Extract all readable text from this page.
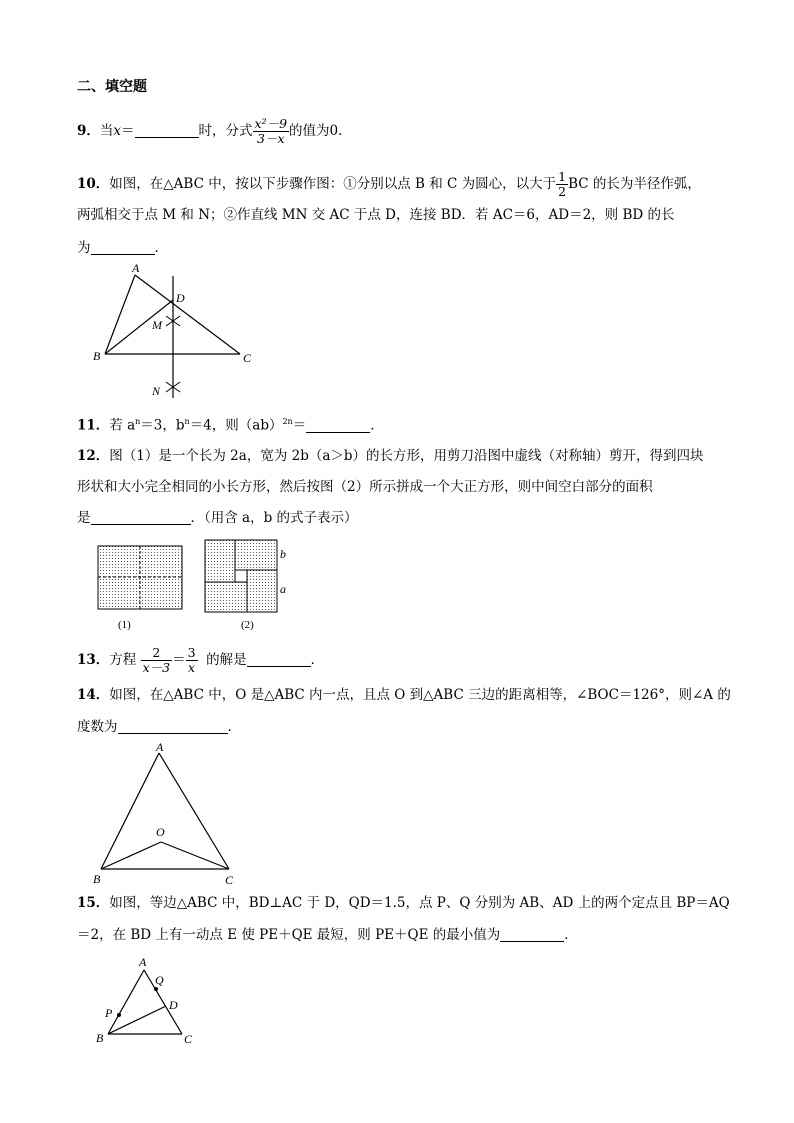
二、填空题
9．当x＝	时，分式 $\frac{\text{x²－9}}{3-x}$ 的值为0.
10．如图，在△ABC 中，按以下步骤作图：①分别以点 B 和 C 为圆心，以大于 $\frac{1}{2}$ BC 的长为半径作弧，
两弧相交于点 M 和 N；②作直线 MN 交 AC 于点 D，连接 BD．若 AC＝6，AD＝2，则 BD 的长
为	．
A
B	C
D
M
N
11．若 $a^n=3$，$b^n=4$，则（ab）$^{2n}$＝	．
12．图（1）是一个长为 2a，宽为 2b（a＞b）的长方形，用剪刀沿图中虚线（对称轴）剪开，得到四块
形状和大小完全相同的小长方形，然后按图（2）所示拼成一个大正方形，则中间空白部分的面积
是	．（用含 a，b 的式子表示）
b
a
(1)	(2)
13．方程 $\frac{2}{x-3} = \frac{3}{x}$ 的解是	．
14．如图，在△ABC 中，O 是△ABC 内一点，且点 O 到△ABC 三边的距离相等，∠BOC＝126°，则∠A 的
度数为	．
A
B	C
O
15．如图，等边△ABC 中，BD⊥AC 于 D，QD＝1.5，点 P、Q 分别为 AB、AD 上的两个定点且 BP＝AQ
＝2，在 BD 上有一动点 E 使 PE＋QE 最短，则 PE＋QE 的最小值为	．
A
B	C
D
P
Q
